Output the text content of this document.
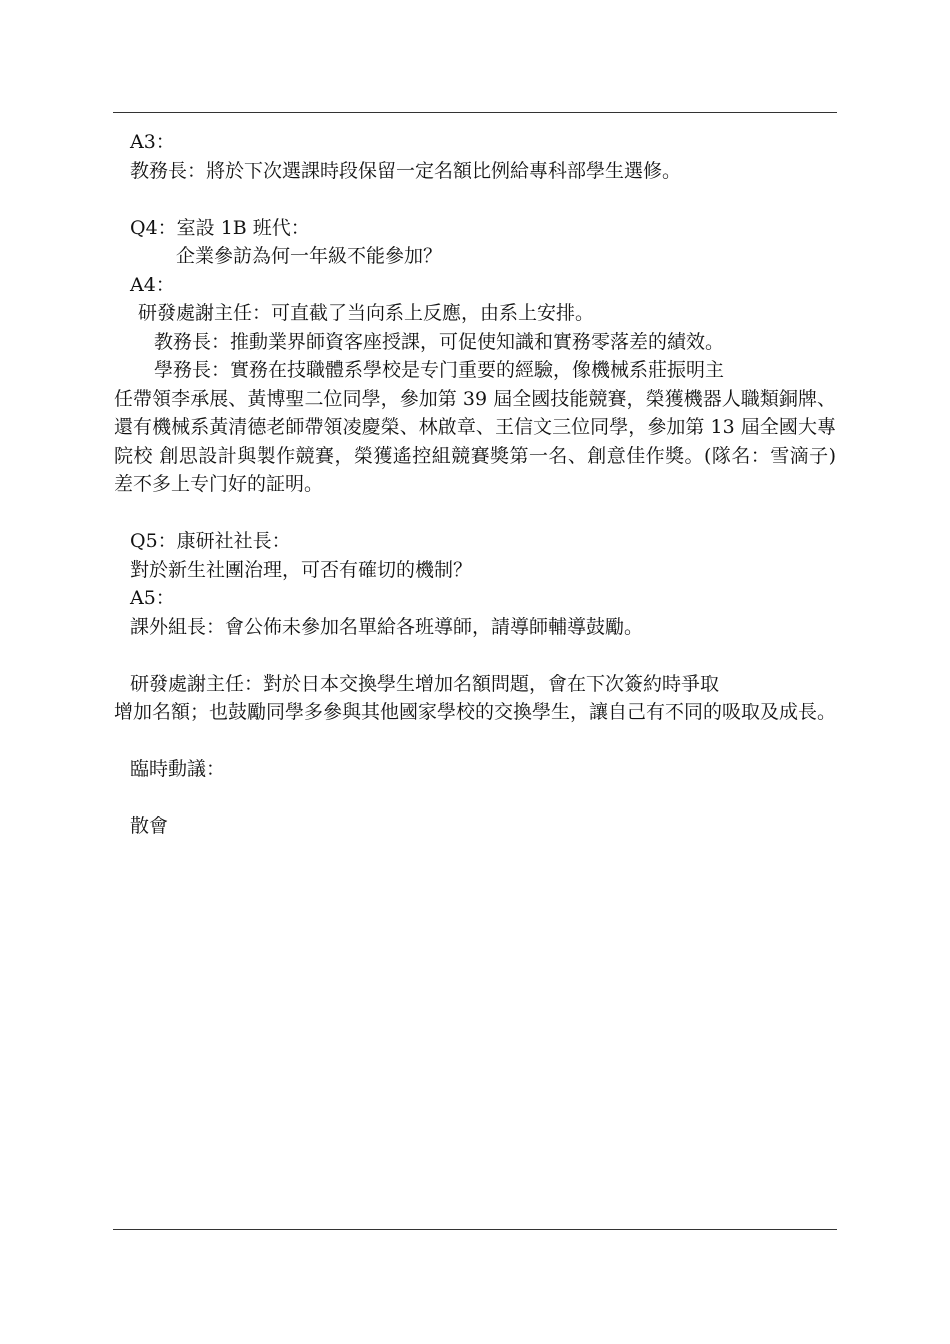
A3：
教務長：將於下次選課時段保留一定名額比例給專科部學生選修。
Q4：室設 1B 班代：
企業參訪為何一年級不能參加？
A4：
研發處謝主任：可直截了当向系上反應，由系上安排。
教務長：推動業界師資客座授課，可促使知識和實務零落差的績效。
學務長：實務在技職體系學校是专门重要的經驗，像機械系莊振明主
任帶領李承展、黃博聖二位同學，參加第 39 屆全國技能競賽，榮獲機器人職類銅牌、還有機械系黃清德老師帶領凌慶榮、林啟章、王信文三位同學，參加第 13 屆全國大專院校 創思設計與製作競賽，榮獲遙控組競賽獎第一名、創意佳作獎。(隊名：雪滴子)差不多上专门好的証明。
Q5：康研社社長：
對於新生社團治理，可否有確切的機制？
A5：
課外組長：會公佈未參加名單給各班導師，請導師輔導鼓勵。
研發處謝主任：對於日本交換學生增加名額問題，會在下次簽約時爭取
增加名額；也鼓勵同學多參與其他國家學校的交換學生，讓自己有不同的吸取及成長。
臨時動議：
散會
